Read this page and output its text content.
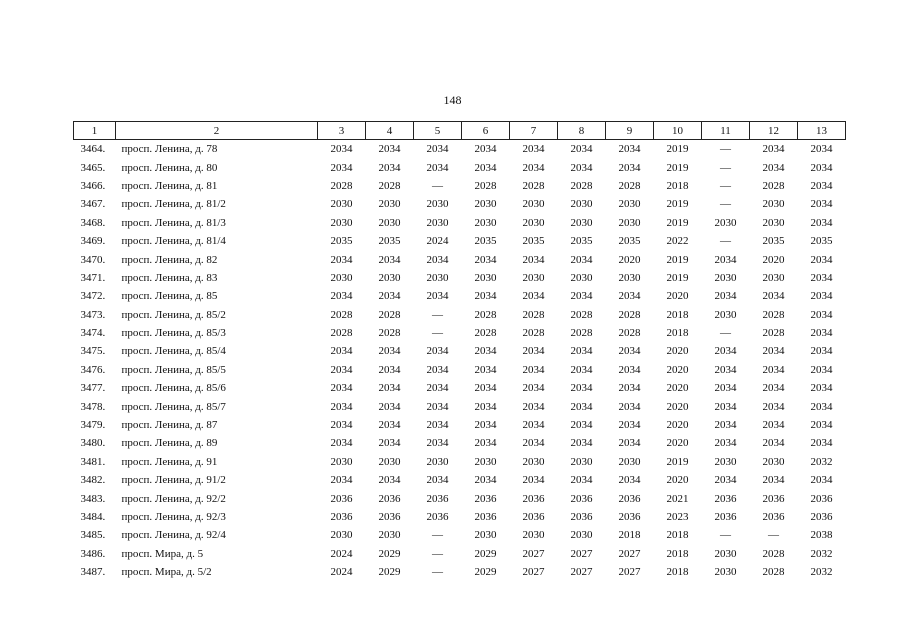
148
1	2	3	4	5	6	7	8	9	10	11	12	13
3464.	просп. Ленина, д. 78	2034	2034	2034	2034	2034	2034	2034	2019	—	2034	2034
3465.	просп. Ленина, д. 80	2034	2034	2034	2034	2034	2034	2034	2019	—	2034	2034
3466.	просп. Ленина, д. 81	2028	2028	—	2028	2028	2028	2028	2018	—	2028	2034
3467.	просп. Ленина, д. 81/2	2030	2030	2030	2030	2030	2030	2030	2019	—	2030	2034
3468.	просп. Ленина, д. 81/3	2030	2030	2030	2030	2030	2030	2030	2019	2030	2030	2034
3469.	просп. Ленина, д. 81/4	2035	2035	2024	2035	2035	2035	2035	2022	—	2035	2035
3470.	просп. Ленина, д. 82	2034	2034	2034	2034	2034	2034	2020	2019	2034	2020	2034
3471.	просп. Ленина, д. 83	2030	2030	2030	2030	2030	2030	2030	2019	2030	2030	2034
3472.	просп. Ленина, д. 85	2034	2034	2034	2034	2034	2034	2034	2020	2034	2034	2034
3473.	просп. Ленина, д. 85/2	2028	2028	—	2028	2028	2028	2028	2018	2030	2028	2034
3474.	просп. Ленина, д. 85/3	2028	2028	—	2028	2028	2028	2028	2018	—	2028	2034
3475.	просп. Ленина, д. 85/4	2034	2034	2034	2034	2034	2034	2034	2020	2034	2034	2034
3476.	просп. Ленина, д. 85/5	2034	2034	2034	2034	2034	2034	2034	2020	2034	2034	2034
3477.	просп. Ленина, д. 85/6	2034	2034	2034	2034	2034	2034	2034	2020	2034	2034	2034
3478.	просп. Ленина, д. 85/7	2034	2034	2034	2034	2034	2034	2034	2020	2034	2034	2034
3479.	просп. Ленина, д. 87	2034	2034	2034	2034	2034	2034	2034	2020	2034	2034	2034
3480.	просп. Ленина, д. 89	2034	2034	2034	2034	2034	2034	2034	2020	2034	2034	2034
3481.	просп. Ленина, д. 91	2030	2030	2030	2030	2030	2030	2030	2019	2030	2030	2032
3482.	просп. Ленина, д. 91/2	2034	2034	2034	2034	2034	2034	2034	2020	2034	2034	2034
3483.	просп. Ленина, д. 92/2	2036	2036	2036	2036	2036	2036	2036	2021	2036	2036	2036
3484.	просп. Ленина, д. 92/3	2036	2036	2036	2036	2036	2036	2036	2023	2036	2036	2036
3485.	просп. Ленина, д. 92/4	2030	2030	—	2030	2030	2030	2018	2018	—	—	2038
3486.	просп. Мира, д. 5	2024	2029	—	2029	2027	2027	2027	2018	2030	2028	2032
3487.	просп. Мира, д. 5/2	2024	2029	—	2029	2027	2027	2027	2018	2030	2028	2032
